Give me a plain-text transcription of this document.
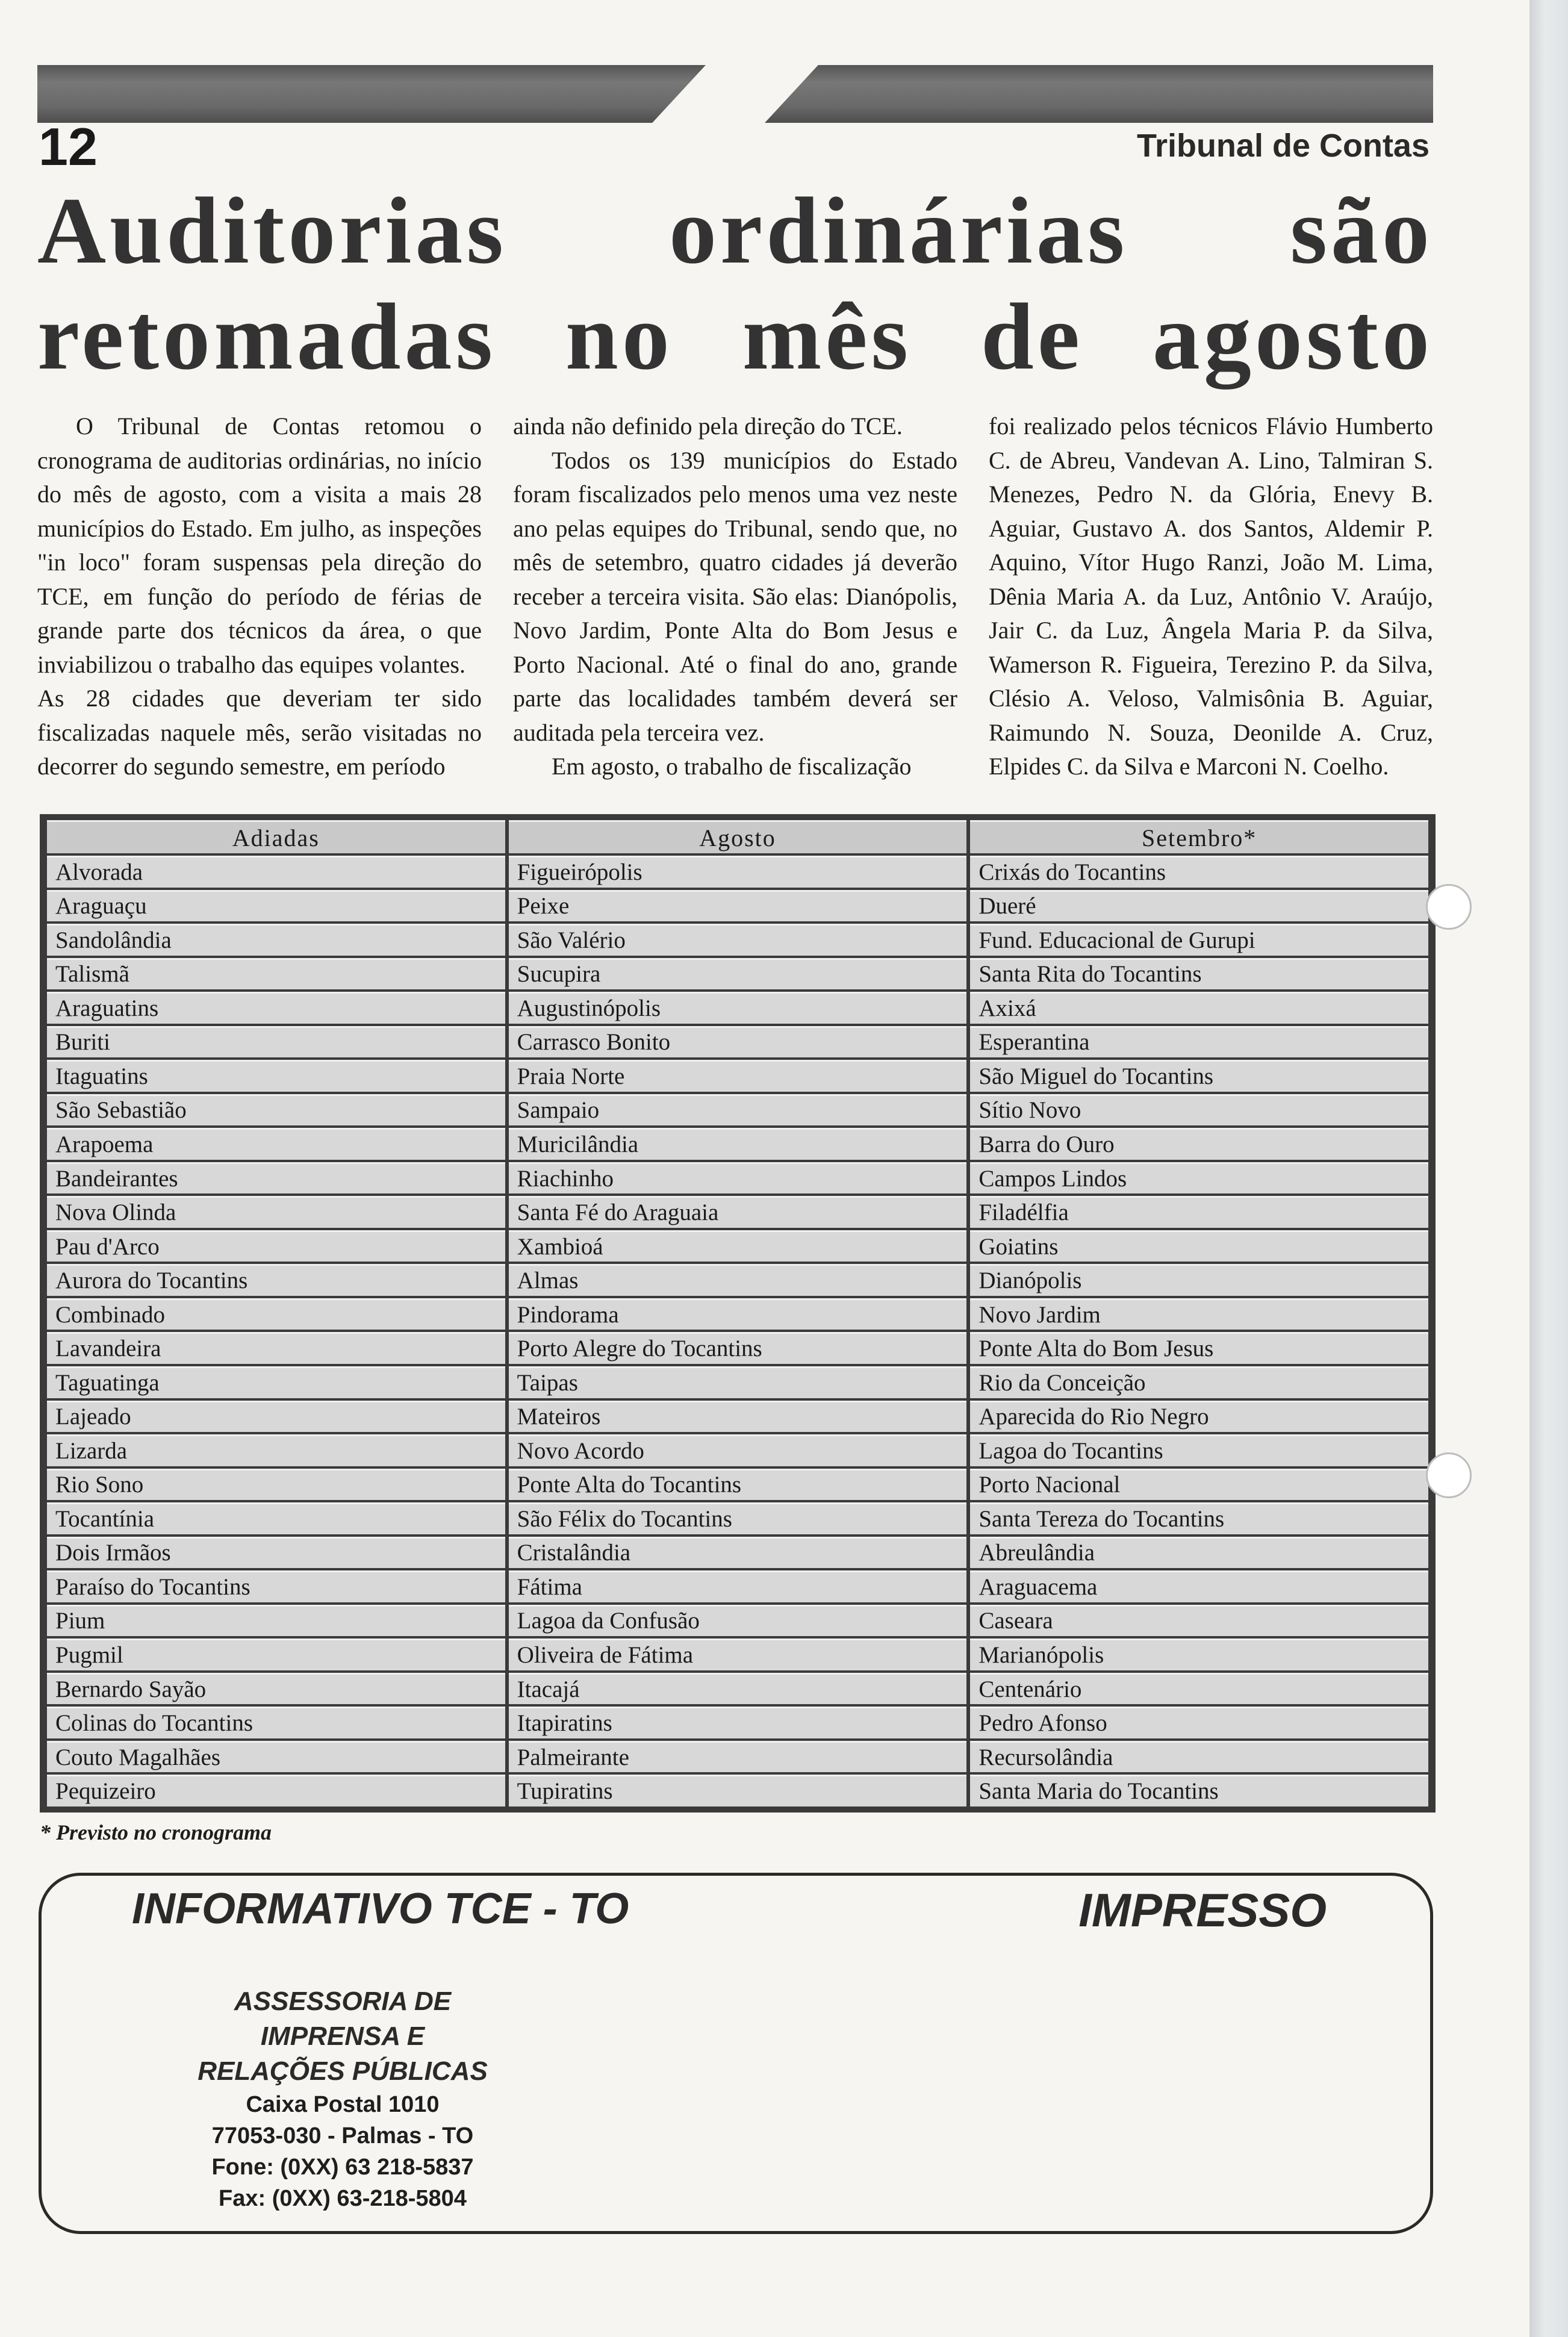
12	Tribunal de Contas
Auditorias ordinárias são
retomadas no mês de agosto

O Tribunal de Contas retomou o cronograma de auditorias ordinárias, no início do mês de agosto, com a visita a mais 28 municípios do Estado. Em julho, as inspeções "in loco" foram suspensas pela direção do TCE, em função do período de férias de grande parte dos técnicos da área, o que inviabilizou o trabalho das equipes volantes.

As 28 cidades que deveriam ter sido fiscalizadas naquele mês, serão visitadas no decorrer do segundo semestre, em período

ainda não definido pela direção do TCE.

Todos os 139 municípios do Estado foram fiscalizados pelo menos uma vez neste ano pelas equipes do Tribunal, sendo que, no mês de setembro, quatro cidades já deverão receber a terceira visita. São elas: Dianópolis, Novo Jardim, Ponte Alta do Bom Jesus e Porto Nacional. Até o final do ano, grande parte das localidades também deverá ser auditada pela terceira vez.

Em agosto, o trabalho de fiscalização

foi realizado pelos técnicos Flávio Humberto C. de Abreu, Vandevan A. Lino, Talmiran S. Menezes, Pedro N. da Glória, Enevy B. Aguiar, Gustavo A. dos Santos, Aldemir P. Aquino, Vítor Hugo Ranzi, João M. Lima, Dênia Maria A. da Luz, Antônio V. Araújo, Jair C. da Luz, Ângela Maria P. da Silva, Wamerson R. Figueira, Terezino P. da Silva, Clésio A. Veloso, Valmisônia B. Aguiar, Raimundo N. Souza, Deonilde A. Cruz, Elpides C. da Silva e Marconi N. Coelho.

Adiadas	Agosto	Setembro*
Alvorada	Figueirópolis	Crixás do Tocantins
Araguaçu	Peixe	Dueré
Sandolândia	São Valério	Fund. Educacional de Gurupi
Talismã	Sucupira	Santa Rita do Tocantins
Araguatins	Augustinópolis	Axixá
Buriti	Carrasco Bonito	Esperantina
Itaguatins	Praia Norte	São Miguel do Tocantins
São Sebastião	Sampaio	Sítio Novo
Arapoema	Muricilândia	Barra do Ouro
Bandeirantes	Riachinho	Campos Lindos
Nova Olinda	Santa Fé do Araguaia	Filadélfia
Pau d'Arco	Xambioá	Goiatins
Aurora do Tocantins	Almas	Dianópolis
Combinado	Pindorama	Novo Jardim
Lavandeira	Porto Alegre do Tocantins	Ponte Alta do Bom Jesus
Taguatinga	Taipas	Rio da Conceição
Lajeado	Mateiros	Aparecida do Rio Negro
Lizarda	Novo Acordo	Lagoa do Tocantins
Rio Sono	Ponte Alta do Tocantins	Porto Nacional
Tocantínia	São Félix do Tocantins	Santa Tereza do Tocantins
Dois Irmãos	Cristalândia	Abreulândia
Paraíso do Tocantins	Fátima	Araguacema
Pium	Lagoa da Confusão	Caseara
Pugmil	Oliveira de Fátima	Marianópolis
Bernardo Sayão	Itacajá	Centenário
Colinas do Tocantins	Itapiratins	Pedro Afonso
Couto Magalhães	Palmeirante	Recursolândia
Pequizeiro	Tupiratins	Santa Maria do Tocantins
* Previsto no cronograma
INFORMATIVO TCE - TO	IMPRESSO
ASSESSORIA DE IMPRENSA E
RELAÇÕES PÚBLICAS
Caixa Postal 1010
77053-030 - Palmas - TO
Fone: (0XX) 63 218-5837
Fax: (0XX) 63-218-5804
